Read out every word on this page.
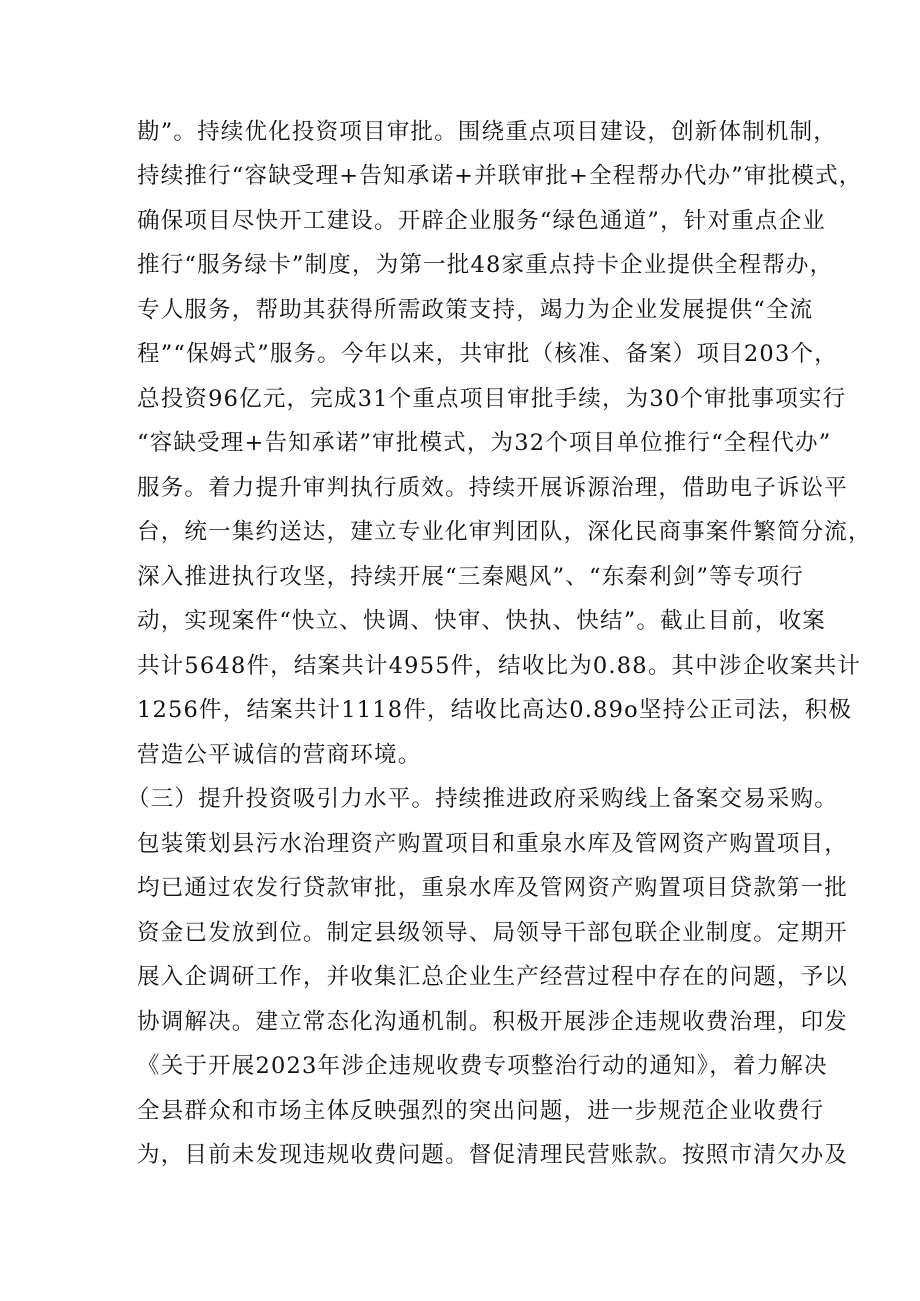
勘”。持续优化投资项目审批。围绕重点项目建设，创新体制机制，
持续推行“容缺受理+告知承诺+并联审批+全程帮办代办”审批模式，
确保项目尽快开工建设。开辟企业服务“绿色通道”，针对重点企业
推行“服务绿卡”制度，为第一批48家重点持卡企业提供全程帮办，
专人服务，帮助其获得所需政策支持，竭力为企业发展提供“全流
程”“保姆式”服务。今年以来，共审批（核准、备案）项目203个，
总投资96亿元，完成31个重点项目审批手续，为30个审批事项实行
“容缺受理+告知承诺”审批模式，为32个项目单位推行“全程代办”
服务。着力提升审判执行质效。持续开展诉源治理，借助电子诉讼平
台，统一集约送达，建立专业化审判团队，深化民商事案件繁简分流，
深入推进执行攻坚，持续开展“三秦飓风”、“东秦利剑”等专项行
动，实现案件“快立、快调、快审、快执、快结”。截止目前，收案
共计5648件，结案共计4955件，结收比为0.88。其中涉企收案共计
1256件，结案共计1118件，结收比高达0.89o坚持公正司法，积极
营造公平诚信的营商环境。
（三）提升投资吸引力水平。持续推进政府采购线上备案交易采购。
包装策划县污水治理资产购置项目和重泉水库及管网资产购置项目，
均已通过农发行贷款审批，重泉水库及管网资产购置项目贷款第一批
资金已发放到位。制定县级领导、局领导干部包联企业制度。定期开
展入企调研工作，并收集汇总企业生产经营过程中存在的问题，予以
协调解决。建立常态化沟通机制。积极开展涉企违规收费治理，印发
《关于开展2023年涉企违规收费专项整治行动的通知》，着力解决
全县群众和市场主体反映强烈的突出问题，进一步规范企业收费行
为，目前未发现违规收费问题。督促清理民营账款。按照市清欠办及
